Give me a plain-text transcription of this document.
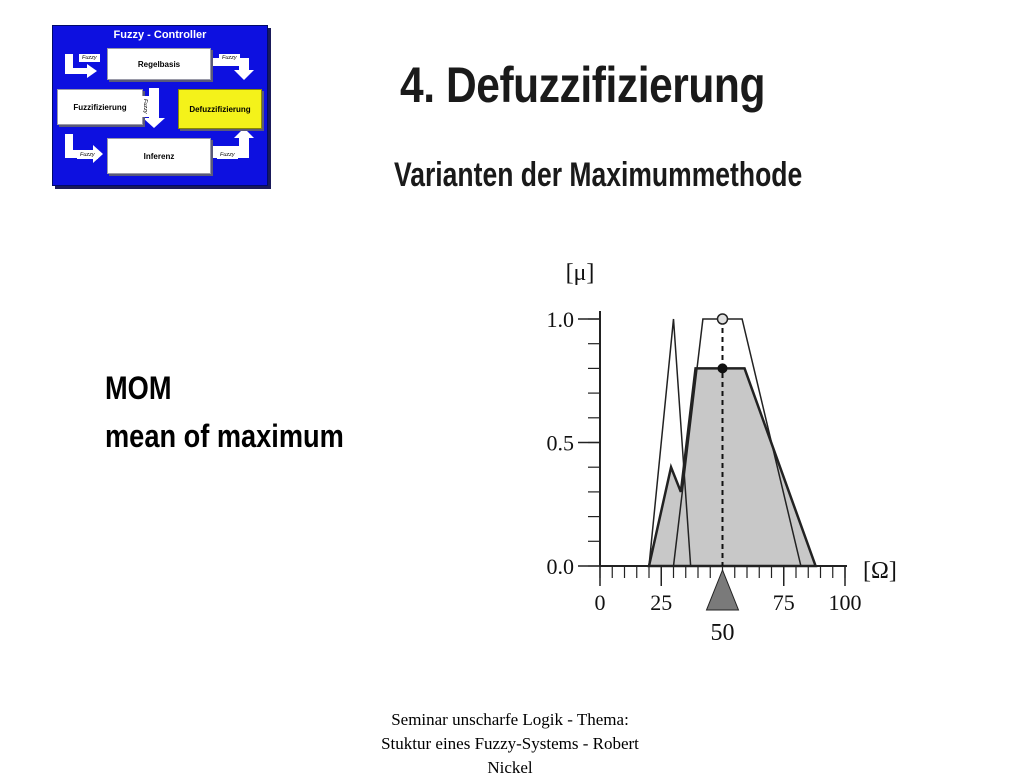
Fuzzy - Controller
Regelbasis
Fuzzifizierung	Defuzzifizierung
Inferenz
Fuzzy	Fuzzy
Fuzzy
Fuzzy	Fuzzy
4. Defuzzifizierung
Varianten der Maximummethode
MOM
mean of maximum
[μ]
[Ω]
50
0.0
0.5
1.0
0 25	75 100
Seminar unscharfe Logik - Thema:
Stuktur eines Fuzzy-Systems - Robert
Nickel
